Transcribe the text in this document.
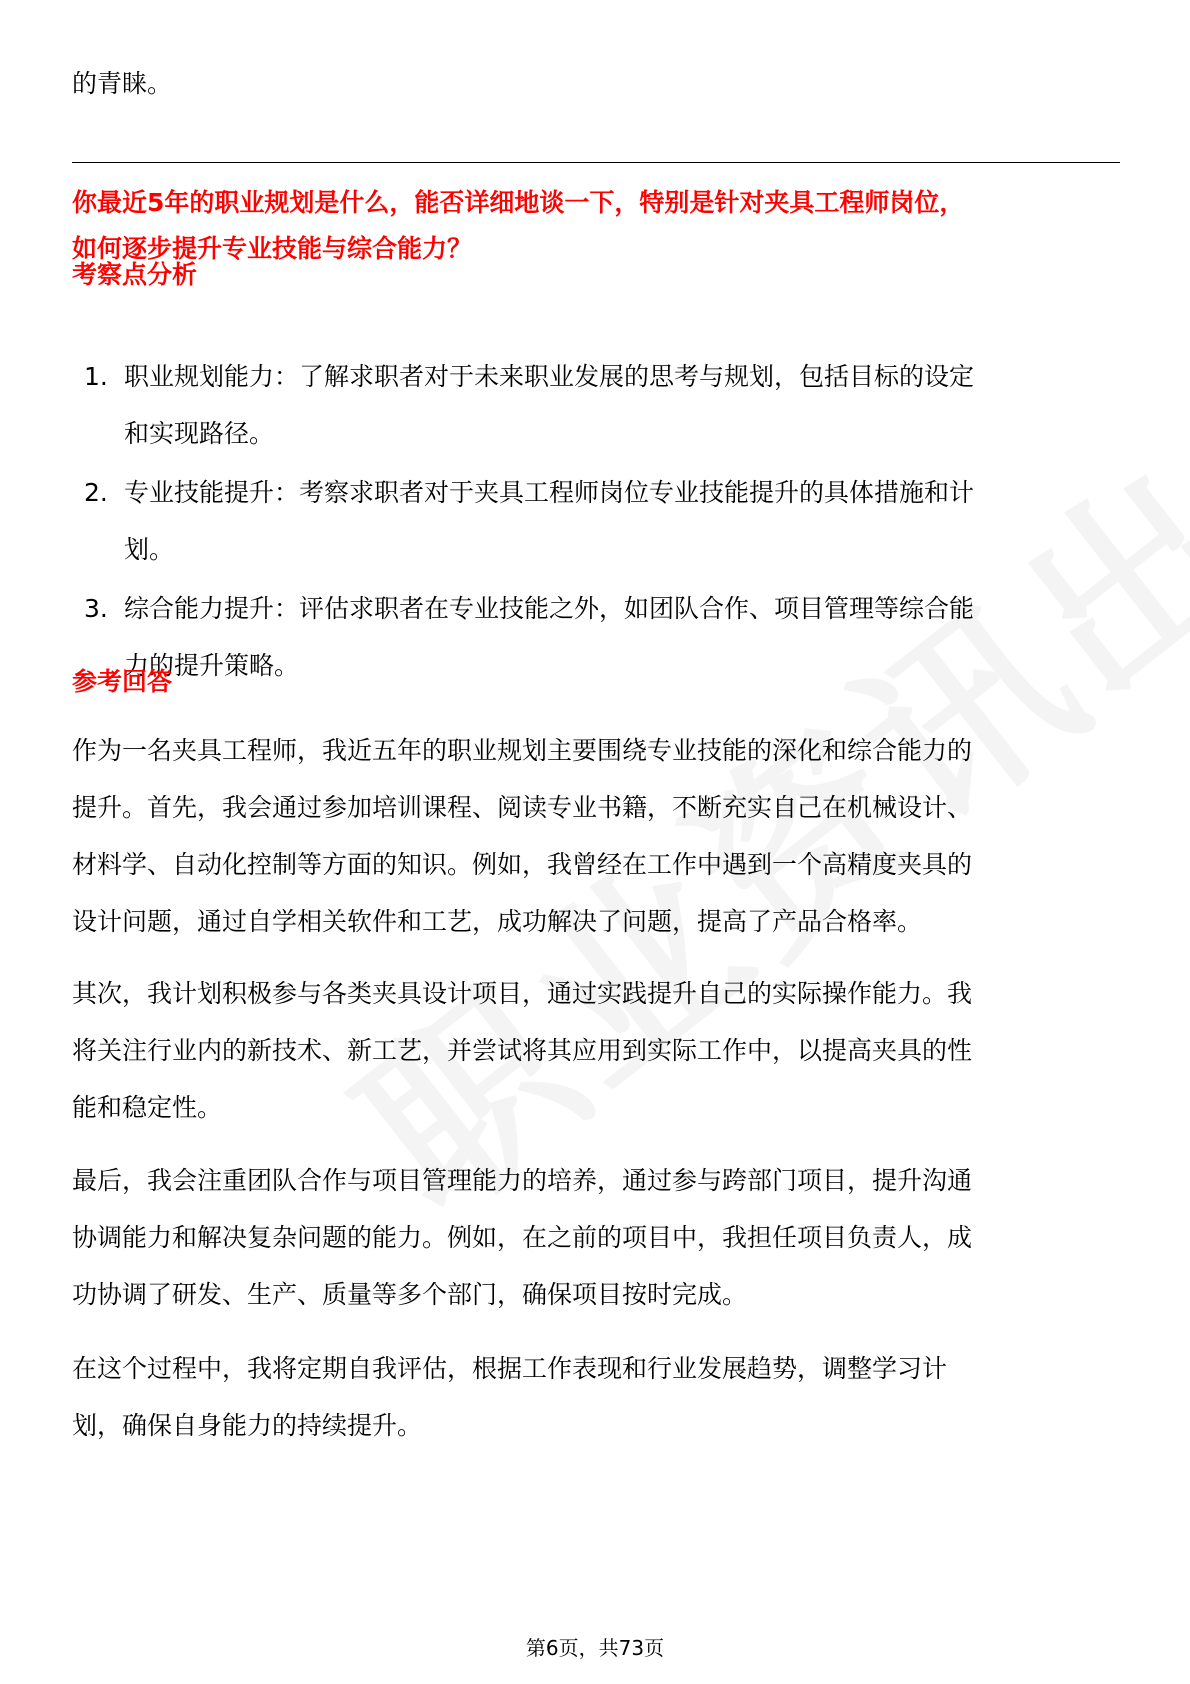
的青睐。
你最近5年的职业规划是什么，能否详细地谈一下，特别是针对夹具工程师岗位，
如何逐步提升专业技能与综合能力？
考察点分析
1. 职业规划能力：了解求职者对于未来职业发展的思考与规划，包括目标的设定
和实现路径。
2. 专业技能提升：考察求职者对于夹具工程师岗位专业技能提升的具体措施和计
划。
3. 综合能力提升：评估求职者在专业技能之外，如团队合作、项目管理等综合能
力的提升策略。
参考回答
作为一名夹具工程师，我近五年的职业规划主要围绕专业技能的深化和综合能力的
提升。首先，我会通过参加培训课程、阅读专业书籍，不断充实自己在机械设计、
材料学、自动化控制等方面的知识。例如，我曾经在工作中遇到一个高精度夹具的
设计问题，通过自学相关软件和工艺，成功解决了问题，提高了产品合格率。
其次，我计划积极参与各类夹具设计项目，通过实践提升自己的实际操作能力。我
将关注行业内的新技术、新工艺，并尝试将其应用到实际工作中，以提高夹具的性
能和稳定性。
最后，我会注重团队合作与项目管理能力的培养，通过参与跨部门项目，提升沟通
协调能力和解决复杂问题的能力。例如，在之前的项目中，我担任项目负责人，成
功协调了研发、生产、质量等多个部门，确保项目按时完成。
在这个过程中，我将定期自我评估，根据工作表现和行业发展趋势，调整学习计
划，确保自身能力的持续提升。
第6页，共73页
